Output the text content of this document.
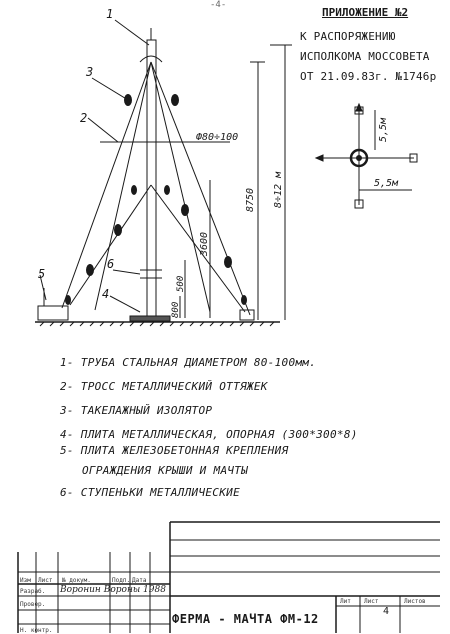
-4-
ПРИЛОЖЕНИЕ №2
К РАСПОРЯЖЕНИЮ
ИСПОЛКОМА МОССОВЕТА
ОТ 21.09.83г. №1746р
1
2
3
4
5
6
Ф80÷100
8750 8÷12 м
3600
500
800
5,5м
5,5м
1- ТРУБА СТАЛЬНАЯ ДИАМЕТРОМ 80-100мм.
2- ТРОСС МЕТАЛЛИЧЕСКИЙ ОТТЯЖЕК
3- ТАКЕЛАЖНЫЙ ИЗОЛЯТОР
4- ПЛИТА МЕТАЛЛИЧЕСКАЯ, ОПОРНАЯ (300*300*8)
5- ПЛИТА ЖЕЛЕЗОБЕТОННАЯ КРЕПЛЕНИЯ
ОГРАЖДЕНИЯ КРЫШИ И МАЧТЫ
6- СТУПЕНЬКИ МЕТАЛЛИЧЕСКИЕ
Изм Лист № докум.	Подп. Дата
Разраб.
Провер.
Н. контр.
Воронин Вороны 1988
ФЕРМА - МАЧТА ФМ-12
Лит Лист	Листов
4
